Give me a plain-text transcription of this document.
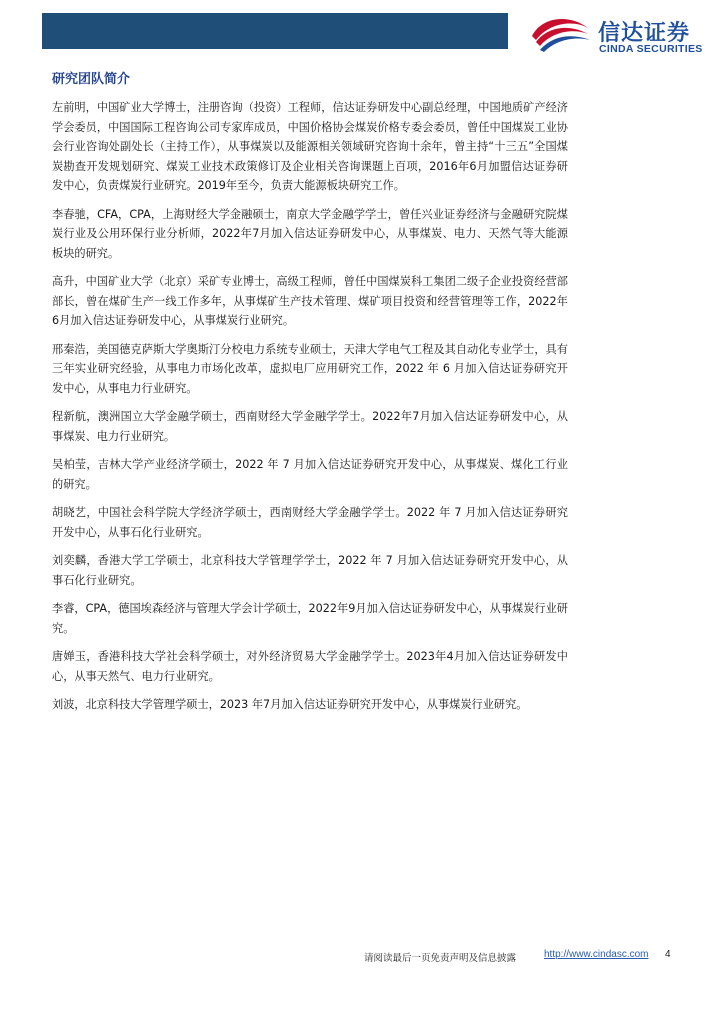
信达证券
CINDA SECURITIES
研究团队简介

左前明，中国矿业大学博士，注册咨询（投资）工程师，信达证券研发中心副总经理，中国地质矿产经济学会委员，中国国际工程咨询公司专家库成员，中国价格协会煤炭价格专委会委员，曾任中国煤炭工业协会行业咨询处副处长（主持工作），从事煤炭以及能源相关领域研究咨询十余年，曾主持“十三五”全国煤炭勘查开发规划研究、煤炭工业技术政策修订及企业相关咨询课题上百项，2016年6月加盟信达证券研发中心，负责煤炭行业研究。2019年至今，负责大能源板块研究工作。

李春驰，CFA，CPA，上海财经大学金融硕士，南京大学金融学学士，曾任兴业证券经济与金融研究院煤炭行业及公用环保行业分析师，2022年7月加入信达证券研发中心，从事煤炭、电力、天然气等大能源板块的研究。

高升，中国矿业大学（北京）采矿专业博士，高级工程师，曾任中国煤炭科工集团二级子企业投资经营部部长，曾在煤矿生产一线工作多年，从事煤矿生产技术管理、煤矿项目投资和经营管理等工作，2022年6月加入信达证券研发中心，从事煤炭行业研究。

邢秦浩，美国德克萨斯大学奥斯汀分校电力系统专业硕士，天津大学电气工程及其自动化专业学士，具有三年实业研究经验，从事电力市场化改革，虚拟电厂应用研究工作，2022 年 6 月加入信达证券研究开发中心，从事电力行业研究。

程新航，澳洲国立大学金融学硕士，西南财经大学金融学学士。2022年7月加入信达证券研发中心，从事煤炭、电力行业研究。

吴柏莹，吉林大学产业经济学硕士，2022 年 7 月加入信达证券研究开发中心，从事煤炭、煤化工行业的研究。

胡晓艺，中国社会科学院大学经济学硕士，西南财经大学金融学学士。2022 年 7 月加入信达证券研究开发中心，从事石化行业研究。

刘奕麟，香港大学工学硕士，北京科技大学管理学学士，2022 年 7 月加入信达证券研究开发中心，从事石化行业研究。

李睿，CPA，德国埃森经济与管理大学会计学硕士，2022年9月加入信达证券研发中心，从事煤炭行业研究。

唐婵玉，香港科技大学社会科学硕士，对外经济贸易大学金融学学士。2023年4月加入信达证券研发中心，从事天然气、电力行业研究。

刘波，北京科技大学管理学硕士，2023 年7月加入信达证券研究开发中心，从事煤炭行业研究。

请阅读最后一页免责声明及信息披露	http://www.cindasc.com 4
